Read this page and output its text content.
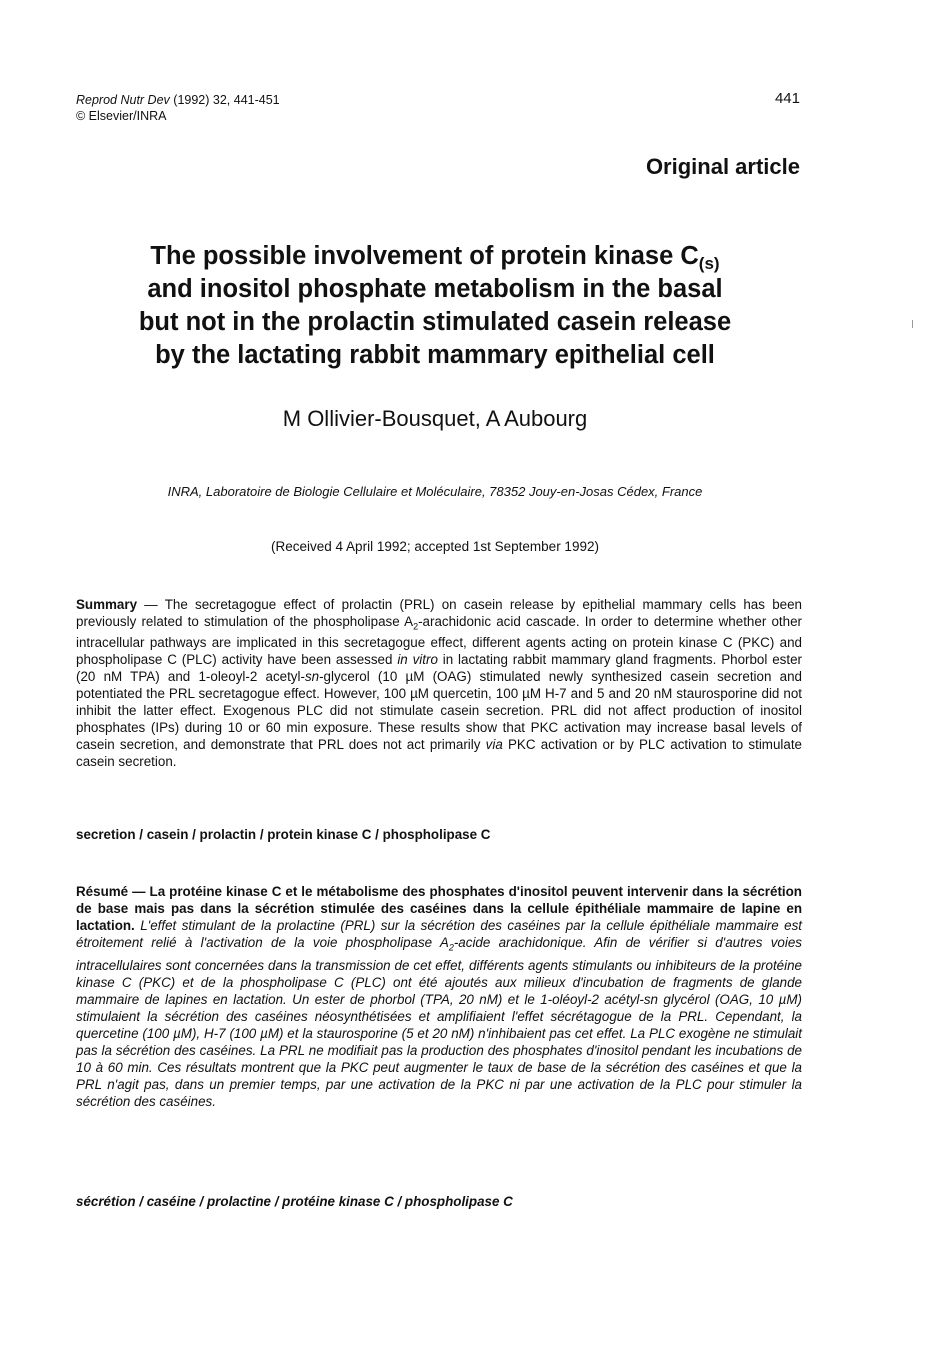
Reprod Nutr Dev (1992) 32, 441-451
© Elsevier/INRA
441
Original article
The possible involvement of protein kinase $C_{(s)}$
and inositol phosphate metabolism in the basal
but not in the prolactin stimulated casein release
by the lactating rabbit mammary epithelial cell
M Ollivier-Bousquet, A Aubourg
INRA, Laboratoire de Biologie Cellulaire et Moléculaire, 78352 Jouy-en-Josas Cédex, France
(Received 4 April 1992; accepted 1st September 1992)
Summary — The secretagogue effect of prolactin (PRL) on casein release by epithelial mammary cells has been previously related to stimulation of the phospholipase $A_2$-arachidonic acid cascade. In order to determine whether other intracellular pathways are implicated in this secretagogue effect, different agents acting on protein kinase C (PKC) and phospholipase C (PLC) activity have been assessed in vitro in lactating rabbit mammary gland fragments. Phorbol ester (20 nM TPA) and 1-oleoyl-2 acetyl-sn-glycerol (10 µM (OAG) stimulated newly synthesized casein secretion and potentiated the PRL secretagogue effect. However, 100 µM quercetin, 100 µM H-7 and 5 and 20 nM staurosporine did not inhibit the latter effect. Exogenous PLC did not stimulate casein secretion. PRL did not affect production of inositol phosphates (IPs) during 10 or 60 min exposure. These results show that PKC activation may increase basal levels of casein secretion, and demonstrate that PRL does not act primarily via PKC activation or by PLC activation to stimulate casein secretion.
secretion / casein / prolactin / protein kinase C / phospholipase C
Résumé — La protéine kinase C et le métabolisme des phosphates d'inositol peuvent intervenir dans la sécrétion de base mais pas dans la sécrétion stimulée des caséines dans la cellule épithéliale mammaire de lapine en lactation. L'effet stimulant de la prolactine (PRL) sur la sécrétion des caséines par la cellule épithéliale mammaire est étroitement relié à l'activation de la voie phospholipase $A_2$-acide arachidonique. Afin de vérifier si d'autres voies intracellulaires sont concernées dans la transmission de cet effet, différents agents stimulants ou inhibiteurs de la protéine kinase C (PKC) et de la phospholipase C (PLC) ont été ajoutés aux milieux d'incubation de fragments de glande mammaire de lapines en lactation. Un ester de phorbol (TPA, 20 nM) et le 1-oléoyl-2 acétyl-sn glycérol (OAG, 10 µM) stimulaient la sécrétion des caséines néosynthétisées et amplifiaient l'effet sécrétagogue de la PRL. Cependant, la quercetine (100 µM), H-7 (100 µM) et la staurosporine (5 et 20 nM) n'inhibaient pas cet effet. La PLC exogène ne stimulait pas la sécrétion des caséines. La PRL ne modifiait pas la production des phosphates d'inositol pendant les incubations de 10 à 60 min. Ces résultats montrent que la PKC peut augmenter le taux de base de la sécrétion des caséines et que la PRL n'agit pas, dans un premier temps, par une activation de la PKC ni par une activation de la PLC pour stimuler la sécrétion des caséines.
sécrétion / caséine / prolactine / protéine kinase C / phospholipase C
